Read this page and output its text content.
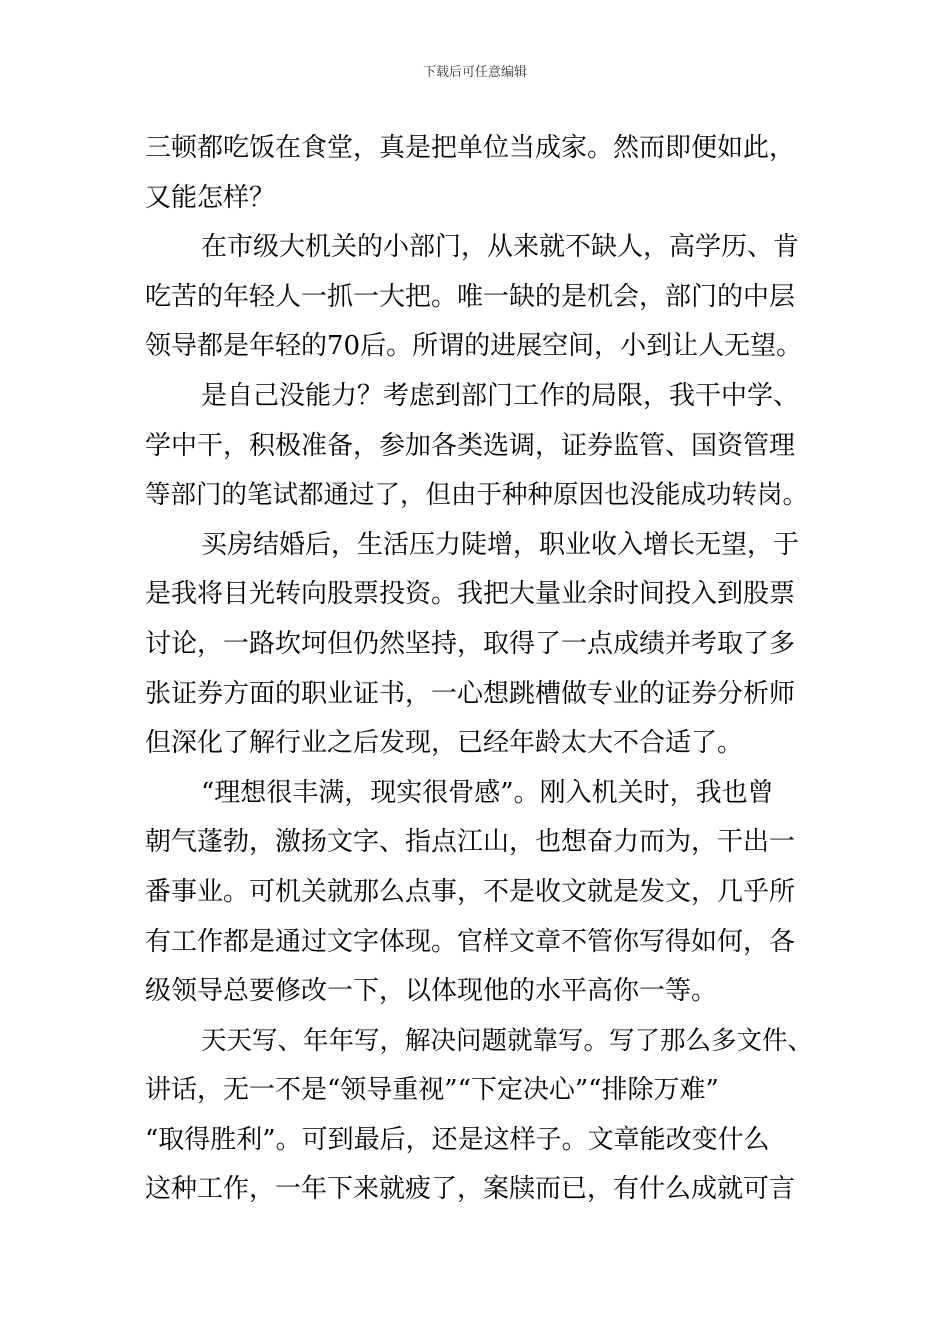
下载后可任意编辑
三顿都吃饭在食堂，真是把单位当成家。然而即便如此，
又能怎样？
在市级大机关的小部门，从来就不缺人，高学历、肯
吃苦的年轻人一抓一大把。唯一缺的是机会，部门的中层
领导都是年轻的70后。所谓的进展空间，小到让人无望。
是自己没能力？考虑到部门工作的局限，我干中学、
学中干，积极准备，参加各类选调，证券监管、国资管理
等部门的笔试都通过了，但由于种种原因也没能成功转岗。
买房结婚后，生活压力陡增，职业收入增长无望，于
是我将目光转向股票投资。我把大量业余时间投入到股票
讨论，一路坎坷但仍然坚持，取得了一点成绩并考取了多
张证券方面的职业证书，一心想跳槽做专业的证券分析师
但深化了解行业之后发现，已经年龄太大不合适了。
“理想很丰满，现实很骨感”。刚入机关时，我也曾
朝气蓬勃，激扬文字、指点江山，也想奋力而为，干出一
番事业。可机关就那么点事，不是收文就是发文，几乎所
有工作都是通过文字体现。官样文章不管你写得如何，各
级领导总要修改一下，以体现他的水平高你一等。
天天写、年年写，解决问题就靠写。写了那么多文件、
讲话，无一不是“领导重视”“下定决心”“排除万难”
“取得胜利”。可到最后，还是这样子。文章能改变什么
这种工作，一年下来就疲了，案牍而已，有什么成就可言
